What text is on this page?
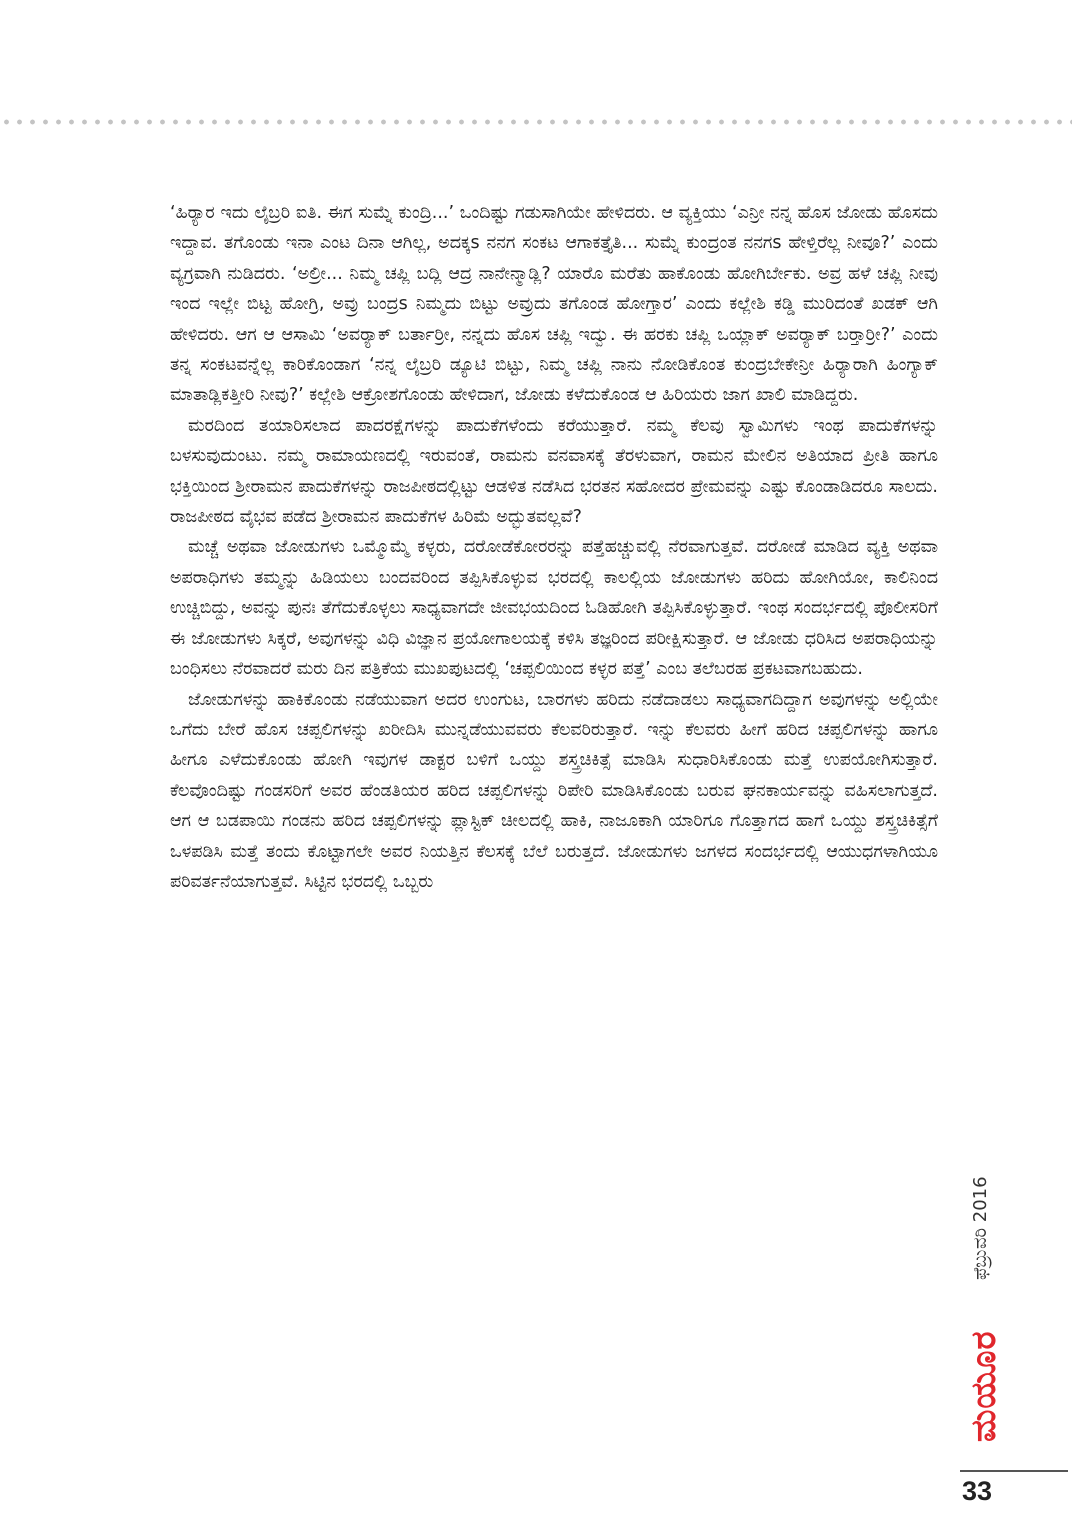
‘ಹಿರ್‍ಯಾರ ಇದು ಲೈಬ್ರರಿ ಐತಿ. ಈಗ ಸುಮ್ನೆ ಕುಂದ್ರಿ...’ ಒಂದಿಷ್ಟು ಗಡುಸಾಗಿಯೇ ಹೇಳಿದರು. ಆ ವ್ಯಕ್ತಿಯು ‘ಎನ್ರೀ ನನ್ನ ಹೊಸ ಜೋಡು ಹೊಸದು ಇದ್ದಾವ. ತಗೊಂಡು ಇನಾ ಎಂಟ ದಿನಾ ಆಗಿಲ್ಲ, ಅದಕ್ಕs ನನಗ ಸಂಕಟ ಆಗಾಕತ್ತೈತಿ... ಸುಮ್ನೆ ಕುಂದ್ರಂತ ನನಗs ಹೇಳ್ತಿರೆಲ್ಲ ನೀವೂ?’ ಎಂದು ವ್ಯಗ್ರವಾಗಿ ನುಡಿದರು. ‘ಅಲ್ರೀ... ನಿಮ್ಮ ಚಪ್ಲಿ ಬದ್ಲಿ ಆದ್ರ ನಾನೇನ್ಮಾಡ್ಲಿ? ಯಾರೊ ಮರೆತು ಹಾಕೊಂಡು ಹೋಗಿರ್ಬೇಕು. ಅವ್ರ ಹಳೆ ಚಪ್ಲಿ ನೀವು ಇಂದ ಇಲ್ಲೇ ಬಿಟ್ಟ ಹೋಗ್ರಿ, ಅವ್ರು ಬಂದ್ರs ನಿಮ್ಮದು ಬಿಟ್ಟು ಅವ್ರುದು ತಗೊಂಡ ಹೋಗ್ತಾರ’ ಎಂದು ಕಲ್ಲೇಶಿ ಕಡ್ಡಿ ಮುರಿದಂತೆ ಖಡಕ್ ಆಗಿ ಹೇಳಿದರು. ಆಗ ಆ ಆಸಾಮಿ ‘ಅವರ್‍ಯಾಕ್ ಬರ್ತಾರ್‍ರೀ, ನನ್ನದು ಹೊಸ ಚಪ್ಲಿ ಇದ್ವು. ಈ ಹರಕು ಚಪ್ಲಿ ಒಯ್ಲಾಕ್ ಅವರ್‍ಯಾಕ್ ಬರ್‍ತಾರ್‍ರೀ?’ ಎಂದು ತನ್ನ ಸಂಕಟವನ್ನೆಲ್ಲ ಕಾರಿಕೊಂಡಾಗ ‘ನನ್ನ ಲೈಬ್ರರಿ ಡ್ಯೂಟಿ ಬಿಟ್ಟು, ನಿಮ್ಮ ಚಪ್ಲಿ ನಾನು ನೋಡಿಕೊಂತ ಕುಂದ್ರಬೇಕೇನ್ರೀ ಹಿರ್‍ಯಾರಾಗಿ ಹಿಂಗ್ಯಾಕ್ ಮಾತಾಡ್ಲಿಕತ್ತೀರಿ ನೀವು?’ ಕಲ್ಲೇಶಿ ಆಕ್ರೋಶಗೊಂಡು ಹೇಳಿದಾಗ, ಜೋಡು ಕಳೆದುಕೊಂಡ ಆ ಹಿರಿಯರು ಜಾಗ ಖಾಲಿ ಮಾಡಿದ್ದರು.

ಮರದಿಂದ ತಯಾರಿಸಲಾದ ಪಾದರಕ್ಷೆಗಳನ್ನು ಪಾದುಕೆಗಳೆಂದು ಕರೆಯುತ್ತಾರೆ. ನಮ್ಮ ಕೆಲವು ಸ್ವಾಮಿಗಳು ಇಂಥ ಪಾದುಕೆಗಳನ್ನು ಬಳಸುವುದುಂಟು. ನಮ್ಮ ರಾಮಾಯಣದಲ್ಲಿ ಇರುವಂತೆ, ರಾಮನು ವನವಾಸಕ್ಕೆ ತೆರಳುವಾಗ, ರಾಮನ ಮೇಲಿನ ಅತಿಯಾದ ಪ್ರೀತಿ ಹಾಗೂ ಭಕ್ತಿಯಿಂದ ಶ್ರೀರಾಮನ ಪಾದುಕೆಗಳನ್ನು ರಾಜಪೀಠದಲ್ಲಿಟ್ಟು ಆಡಳಿತ ನಡೆಸಿದ ಭರತನ ಸಹೋದರ ಪ್ರೇಮವನ್ನು ಎಷ್ಟು ಕೊಂಡಾಡಿದರೂ ಸಾಲದು. ರಾಜಪೀಠದ ವೈಭವ ಪಡೆದ ಶ್ರೀರಾಮನ ಪಾದುಕೆಗಳ ಹಿರಿಮೆ ಅದ್ಭುತವಲ್ಲವೆ?

ಮಚ್ಚೆ ಅಥವಾ ಜೋಡುಗಳು ಒಮ್ಮೊಮ್ಮೆ ಕಳ್ಳರು, ದರೋಡೆಕೋರರನ್ನು ಪತ್ತೆಹಚ್ಚುವಲ್ಲಿ ನೆರವಾಗುತ್ತವೆ. ದರೋಡೆ ಮಾಡಿದ ವ್ಯಕ್ತಿ ಅಥವಾ ಅಪರಾಧಿಗಳು ತಮ್ಮನ್ನು ಹಿಡಿಯಲು ಬಂದವರಿಂದ ತಪ್ಪಿಸಿಕೊಳ್ಳುವ ಭರದಲ್ಲಿ ಕಾಲಲ್ಲಿಯ ಜೋಡುಗಳು ಹರಿದು ಹೋಗಿಯೋ, ಕಾಲಿನಿಂದ ಉಚ್ಚಿಬಿದ್ದು, ಅವನ್ನು ಪುನಃ ತೆಗೆದುಕೊಳ್ಳಲು ಸಾಧ್ಯವಾಗದೇ ಜೀವಭಯದಿಂದ ಓಡಿಹೋಗಿ ತಪ್ಪಿಸಿಕೊಳ್ಳುತ್ತಾರೆ. ಇಂಥ ಸಂದರ್ಭದಲ್ಲಿ ಪೊಲೀಸರಿಗೆ ಈ ಜೋಡುಗಳು ಸಿಕ್ಕರೆ, ಅವುಗಳನ್ನು ವಿಧಿ ವಿಜ್ಞಾನ ಪ್ರಯೋಗಾಲಯಕ್ಕೆ ಕಳಿಸಿ ತಜ್ಞರಿಂದ ಪರೀಕ್ಷಿಸುತ್ತಾರೆ. ಆ ಜೋಡು ಧರಿಸಿದ ಅಪರಾಧಿಯನ್ನು ಬಂಧಿಸಲು ನೆರವಾದರೆ ಮರು ದಿನ ಪತ್ರಿಕೆಯ ಮುಖಪುಟದಲ್ಲಿ ‘ಚಪ್ಪಲಿಯಿಂದ ಕಳ್ಳರ ಪತ್ತೆ’ ಎಂಬ ತಲೆಬರಹ ಪ್ರಕಟವಾಗಬಹುದು.

ಜೋಡುಗಳನ್ನು ಹಾಕಿಕೊಂಡು ನಡೆಯುವಾಗ ಅದರ ಉಂಗುಟ, ಬಾರಗಳು ಹರಿದು ನಡೆದಾಡಲು ಸಾಧ್ಯವಾಗದಿದ್ದಾಗ ಅವುಗಳನ್ನು ಅಲ್ಲಿಯೇ ಒಗೆದು ಬೇರೆ ಹೊಸ ಚಪ್ಪಲಿಗಳನ್ನು ಖರೀದಿಸಿ ಮುನ್ನಡೆಯುವವರು ಕೆಲವರಿರುತ್ತಾರೆ. ಇನ್ನು ಕೆಲವರು ಹೀಗೆ ಹರಿದ ಚಪ್ಪಲಿಗಳನ್ನು ಹಾಗೂ ಹೀಗೂ ಎಳೆದುಕೊಂಡು ಹೋಗಿ ಇವುಗಳ ಡಾಕ್ಟರ ಬಳಿಗೆ ಒಯ್ದು ಶಸ್ತ್ರಚಿಕಿತ್ಸೆ ಮಾಡಿಸಿ ಸುಧಾರಿಸಿಕೊಂಡು ಮತ್ತೆ ಉಪಯೋಗಿಸುತ್ತಾರೆ. ಕೆಲವೊಂದಿಷ್ಟು ಗಂಡಸರಿಗೆ ಅವರ ಹೆಂಡತಿಯರ ಹರಿದ ಚಪ್ಪಲಿಗಳನ್ನು ರಿಪೇರಿ ಮಾಡಿಸಿಕೊಂಡು ಬರುವ ಘನಕಾರ್ಯವನ್ನು ವಹಿಸಲಾಗುತ್ತದೆ. ಆಗ ಆ ಬಡಪಾಯಿ ಗಂಡನು ಹರಿದ ಚಪ್ಪಲಿಗಳನ್ನು ಪ್ಲಾಸ್ಟಿಕ್ ಚೀಲದಲ್ಲಿ ಹಾಕಿ, ನಾಜೂಕಾಗಿ ಯಾರಿಗೂ ಗೊತ್ತಾಗದ ಹಾಗೆ ಒಯ್ದು ಶಸ್ತ್ರಚಿಕಿತ್ಸೆಗೆ ಒಳಪಡಿಸಿ ಮತ್ತೆ ತಂದು ಕೊಟ್ಟಾಗಲೇ ಅವರ ನಿಯತ್ತಿನ ಕೆಲಸಕ್ಕೆ ಬೆಲೆ ಬರುತ್ತದೆ. ಜೋಡುಗಳು ಜಗಳದ ಸಂದರ್ಭದಲ್ಲಿ ಆಯುಧಗಳಾಗಿಯೂ ಪರಿವರ್ತನೆಯಾಗುತ್ತವೆ. ಸಿಟ್ಟಿನ ಭರದಲ್ಲಿ ಒಬ್ಬರು

ಫೆಬ್ರುವರಿ 2016
ಮಯೂರ
33
